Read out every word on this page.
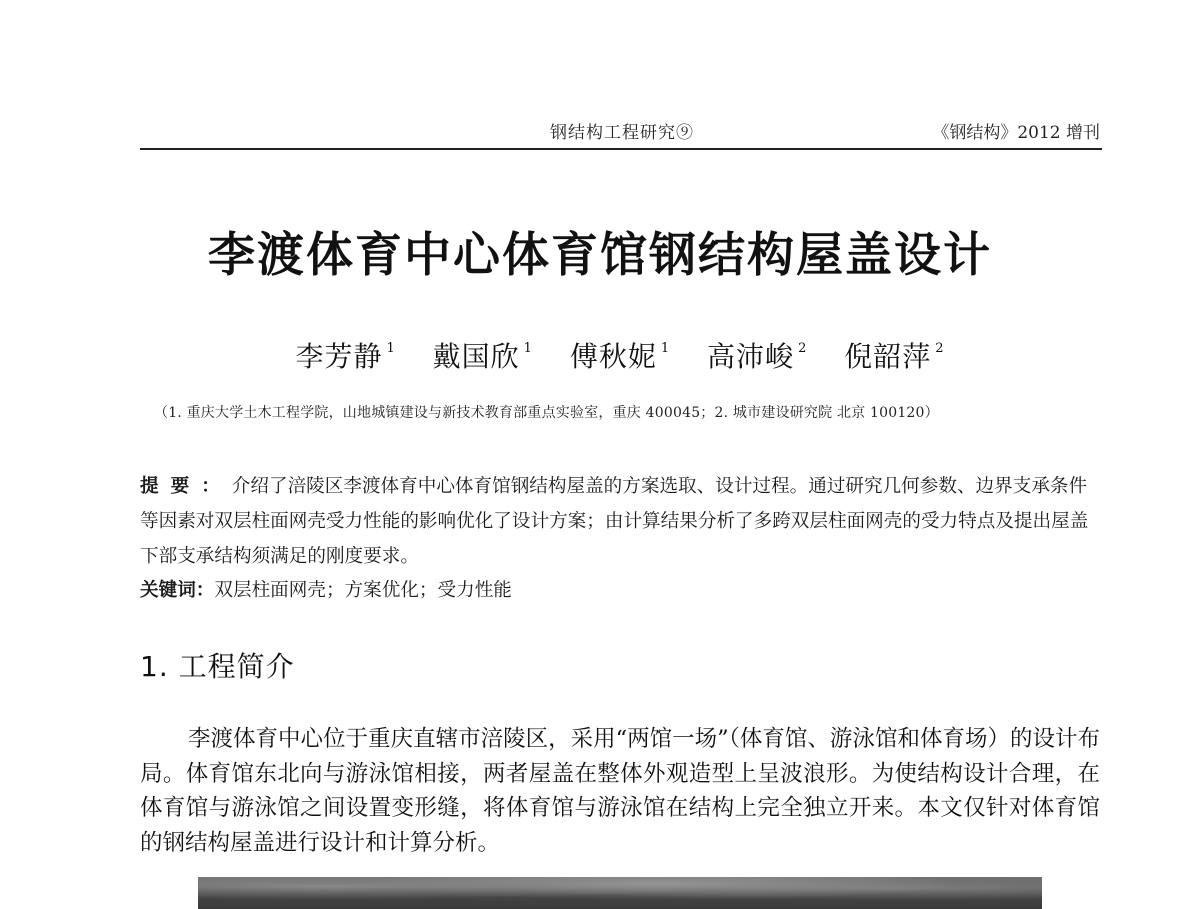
钢结构工程研究⑨	《钢结构》2012 增刊
李渡体育中心体育馆钢结构屋盖设计
李芳静 $^1$ 戴国欣 $^1$ 傅秋妮 $^1$ 高沛峻 $^2$ 倪韶萍 $^2$
（1. 重庆大学土木工程学院，山地城镇建设与新技术教育部重点实验室，重庆 400045；2. 城市建设研究院 北京 100120）
提要：介绍了涪陵区李渡体育中心体育馆钢结构屋盖的方案选取、设计过程。通过研究几何参数、边界支承条件等因素对双层柱面网壳受力性能的影响优化了设计方案；由计算结果分析了多跨双层柱面网壳的受力特点及提出屋盖下部支承结构须满足的刚度要求。
关键词：双层柱面网壳；方案优化；受力性能
1. 工程简介
李渡体育中心位于重庆直辖市涪陵区，采用“两馆一场”（体育馆、游泳馆和体育场）的设计布局。体育馆东北向与游泳馆相接，两者屋盖在整体外观造型上呈波浪形。为使结构设计合理，在体育馆与游泳馆之间设置变形缝，将体育馆与游泳馆在结构上完全独立开来。本文仅针对体育馆的钢结构屋盖进行设计和计算分析。
